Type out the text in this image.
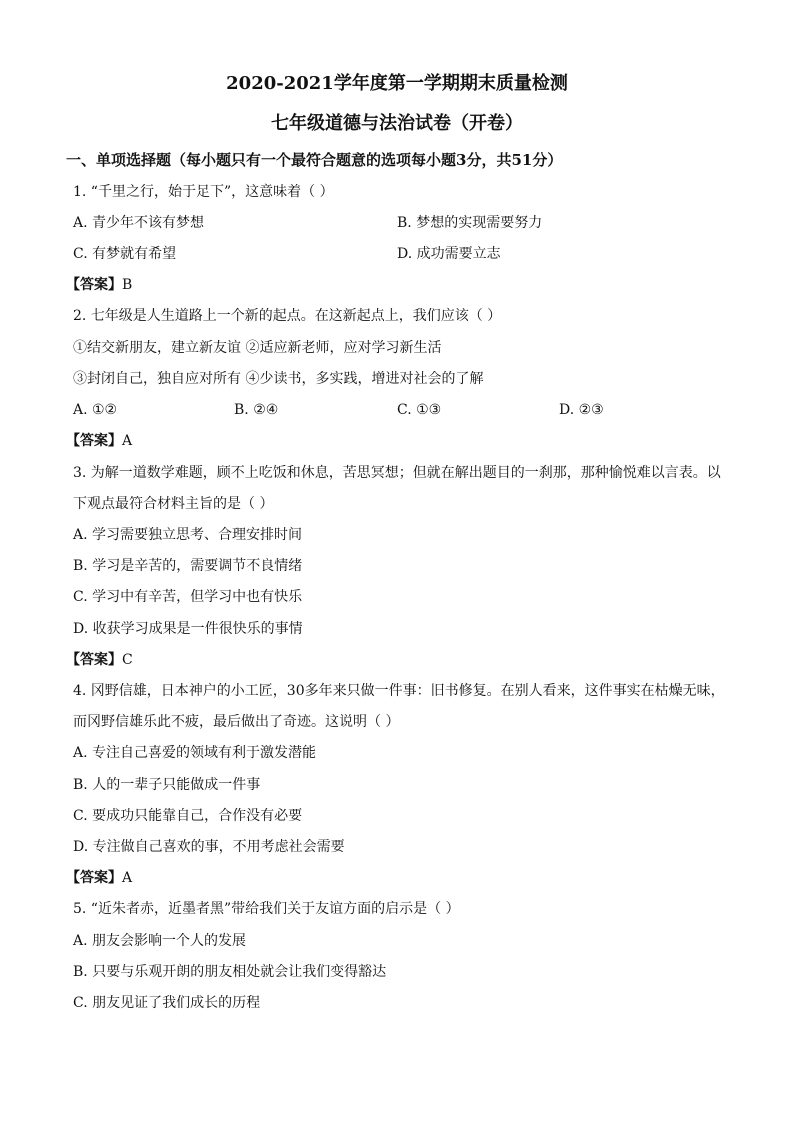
2020-2021学年度第一学期期末质量检测
七年级道德与法治试卷（开卷）
一、单项选择题（每小题只有一个最符合题意的选项每小题3分，共51分）
1. “千里之行，始于足下”，这意味着（ ）
A. 青少年不该有梦想	B. 梦想的实现需要努力
C. 有梦就有希望	D. 成功需要立志
【答案】B
2. 七年级是人生道路上一个新的起点。在这新起点上，我们应该（ ）
①结交新朋友，建立新友谊 ②适应新老师，应对学习新生活
③封闭自己，独自应对所有 ④少读书，多实践，增进对社会的了解
A. ①②	B. ②④	C. ①③	D. ②③
【答案】A
3. 为解一道数学难题，顾不上吃饭和休息，苦思冥想；但就在解出题目的一刹那，那种愉悦难以言表。以
下观点最符合材料主旨的是（ ）
A. 学习需要独立思考、合理安排时间
B. 学习是辛苦的，需要调节不良情绪
C. 学习中有辛苦，但学习中也有快乐
D. 收获学习成果是一件很快乐的事情
【答案】C
4. 冈野信雄，日本神户的小工匠，30多年来只做一件事：旧书修复。在别人看来，这件事实在枯燥无味，
而冈野信雄乐此不疲，最后做出了奇迹。这说明（ ）
A. 专注自己喜爱的领域有利于激发潜能
B. 人的一辈子只能做成一件事
C. 要成功只能靠自己，合作没有必要
D. 专注做自己喜欢的事，不用考虑社会需要
【答案】A
5. “近朱者赤，近墨者黑”带给我们关于友谊方面的启示是（ ）
A. 朋友会影响一个人的发展
B. 只要与乐观开朗的朋友相处就会让我们变得豁达
C. 朋友见证了我们成长的历程
